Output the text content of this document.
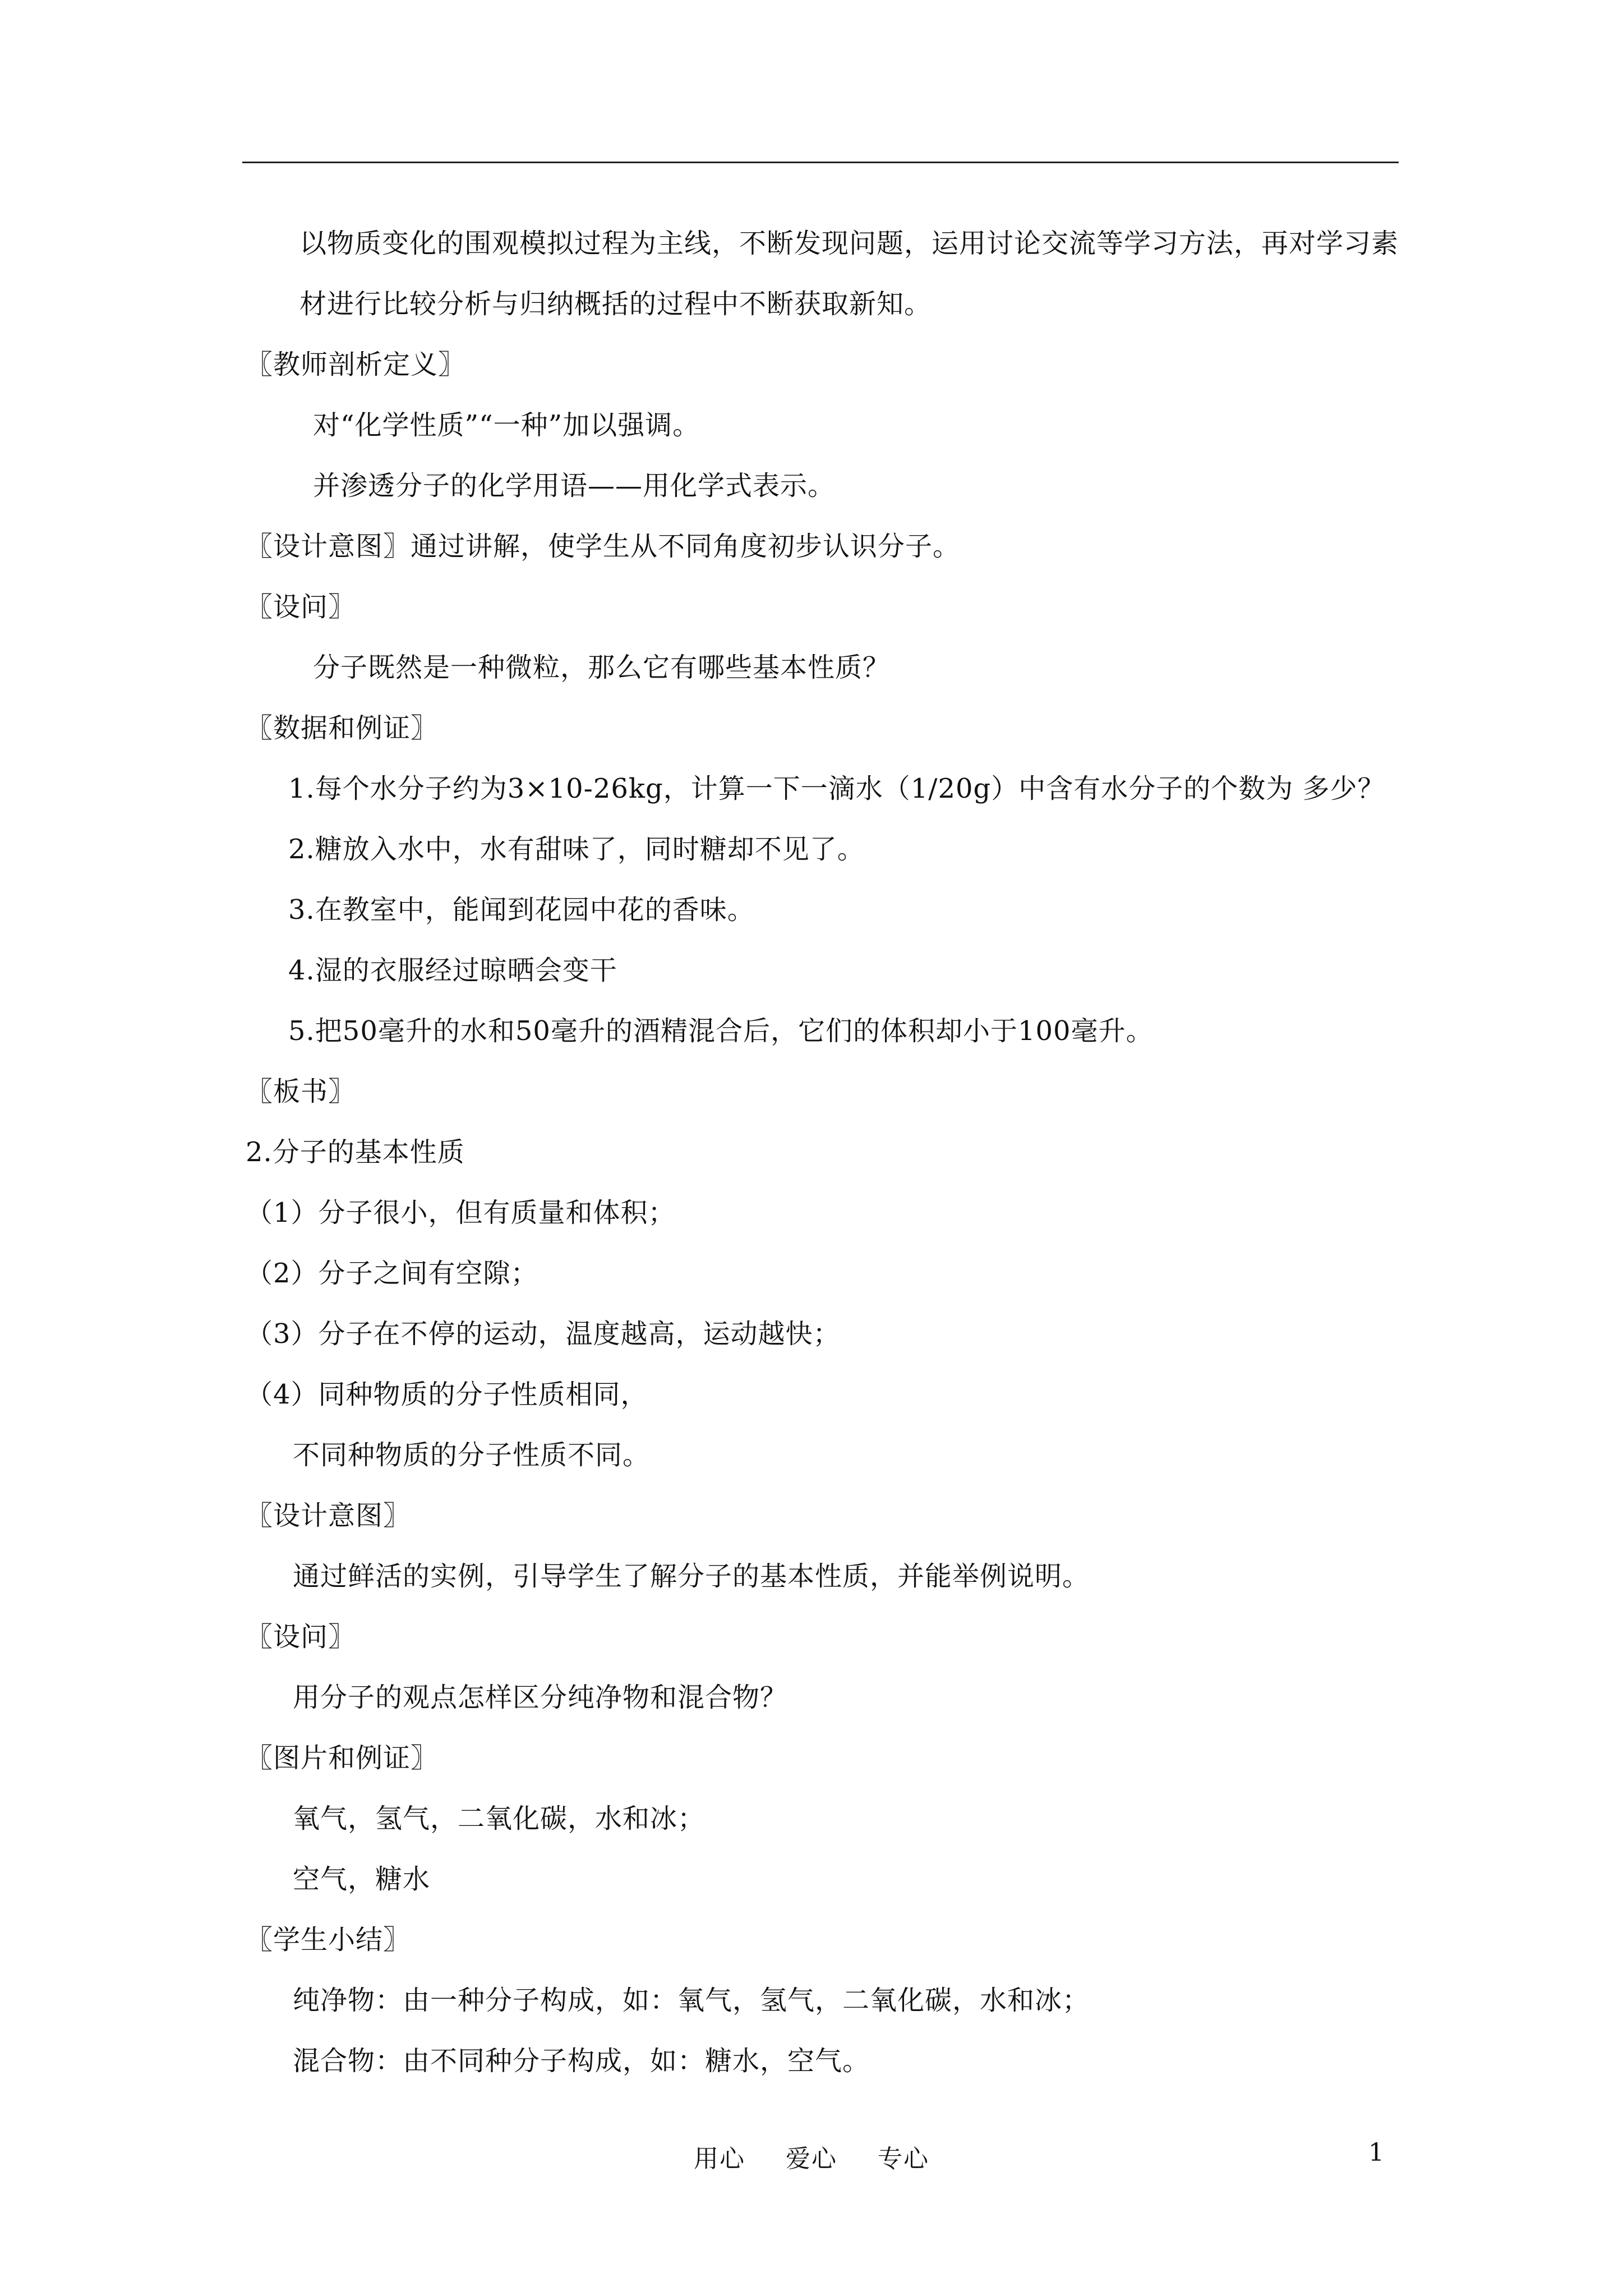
以物质变化的围观模拟过程为主线，不断发现问题，运用讨论交流等学习方法，再对学习素材进行比较分析与归纳概括的过程中不断获取新知。
〖教师剖析定义〗
对“化学性质”“一种”加以强调。
并渗透分子的化学用语——用化学式表示。
〖设计意图〗通过讲解，使学生从不同角度初步认识分子。
〖设问〗
分子既然是一种微粒，那么它有哪些基本性质？
〖数据和例证〗
1.每个水分子约为3×10-26kg，计算一下一滴水（1/20g）中含有水分子的个数为 多少？
2.糖放入水中，水有甜味了，同时糖却不见了。
3.在教室中，能闻到花园中花的香味。
4.湿的衣服经过晾晒会变干
5.把50毫升的水和50毫升的酒精混合后，它们的体积却小于100毫升。
〖板书〗
2.分子的基本性质
（1）分子很小，但有质量和体积；
（2）分子之间有空隙；
（3）分子在不停的运动，温度越高，运动越快；
（4）同种物质的分子性质相同，
不同种物质的分子性质不同。
〖设计意图〗
通过鲜活的实例，引导学生了解分子的基本性质，并能举例说明。
〖设问〗
用分子的观点怎样区分纯净物和混合物？
〖图片和例证〗
氧气，氢气，二氧化碳，水和冰；
空气，糖水
〖学生小结〗
纯净物：由一种分子构成，如：氧气，氢气，二氧化碳，水和冰；
混合物：由不同种分子构成，如：糖水，空气。
用心 爱心 专心	1
